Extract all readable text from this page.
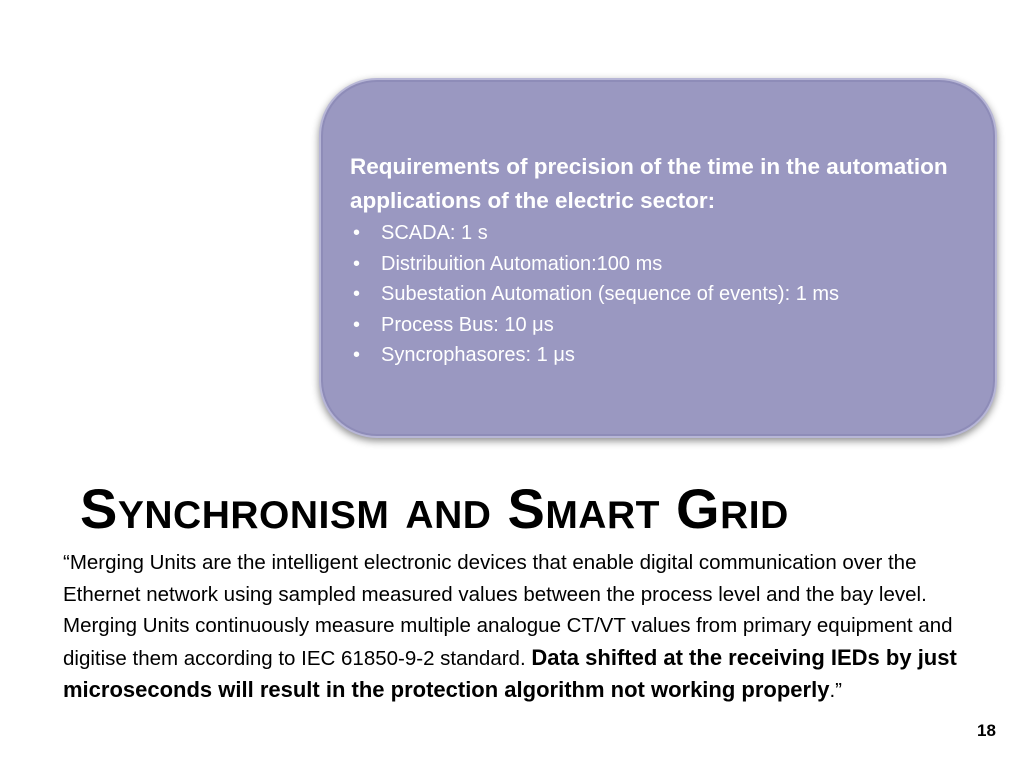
Requirements of precision of the time in the automation applications of the electric sector:

• SCADA: 1 s
• Distribuition Automation:100 ms
• Subestation Automation (sequence of events): 1 ms
• Process Bus: 10 μs
• Syncrophasores: 1 μs
Synchronism and Smart Grid

“Merging Units are the intelligent electronic devices that enable digital communication over the Ethernet network using sampled measured values between the process level and the bay level. Merging Units continuously measure multiple analogue CT/VT values from primary equipment and digitise them according to IEC 61850-9-2 standard. Data shifted at the receiving IEDs by just microseconds will result in the protection algorithm not working properly.”

18
